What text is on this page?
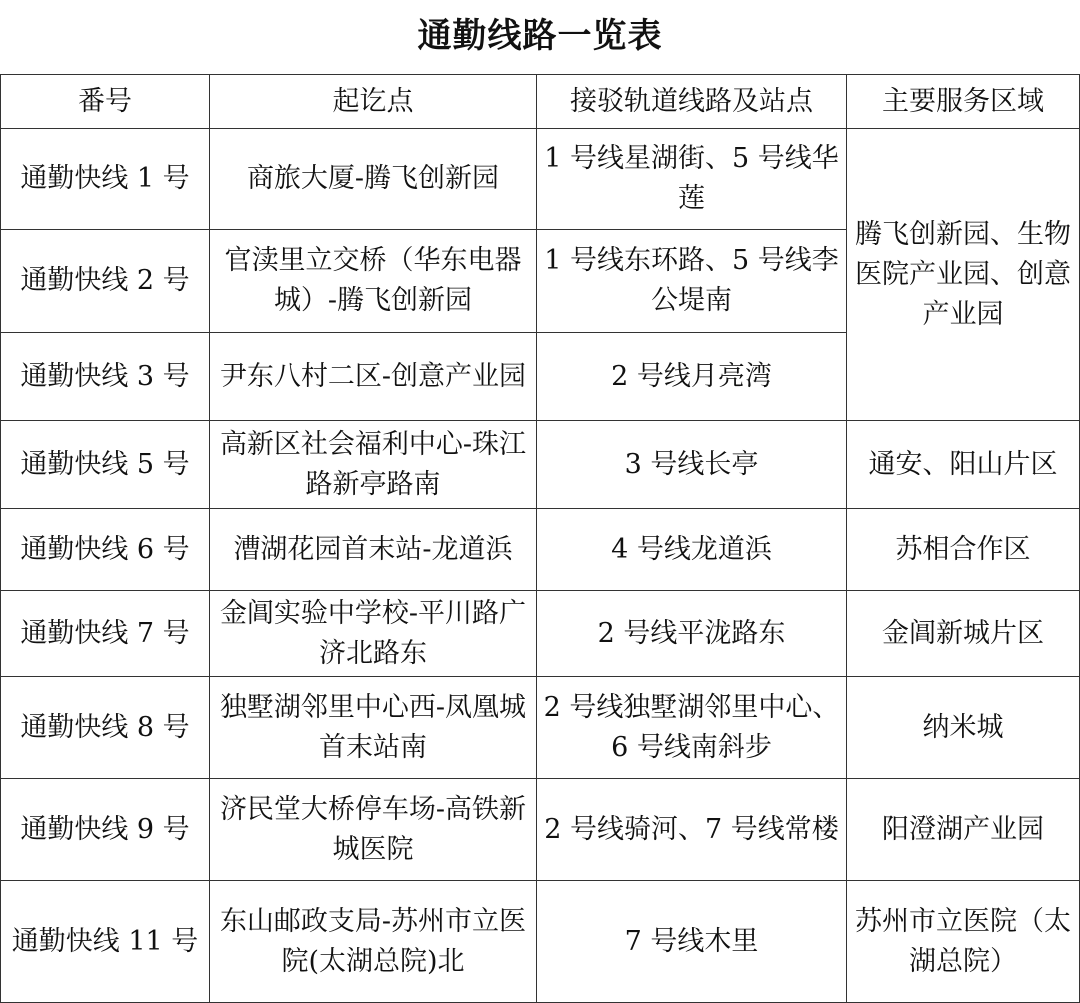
通勤线路一览表
番号	起讫点	接驳轨道线路及站点	主要服务区域
通勤快线 1 号	商旅大厦-腾飞创新园	1 号线星湖街、5 号线华莲	腾飞创新园、生物医院产业园、创意产业园
通勤快线 2 号	官渎里立交桥（华东电器城）-腾飞创新园	1 号线东环路、5 号线李公堤南	
通勤快线 3 号	尹东八村二区-创意产业园	2 号线月亮湾	
通勤快线 5 号	高新区社会福利中心-珠江路新亭路南	3 号线长亭	通安、阳山片区
通勤快线 6 号	漕湖花园首末站-龙道浜	4 号线龙道浜	苏相合作区
通勤快线 7 号	金阊实验中学校-平川路广济北路东	2 号线平泷路东	金阊新城片区
通勤快线 8 号	独墅湖邻里中心西-凤凰城首末站南	2 号线独墅湖邻里中心、6 号线南斜步	纳米城
通勤快线 9 号	济民堂大桥停车场-高铁新城医院	2 号线骑河、7 号线常楼	阳澄湖产业园
通勤快线 11 号	东山邮政支局-苏州市立医院(太湖总院)北	7 号线木里	苏州市立医院（太湖总院）
